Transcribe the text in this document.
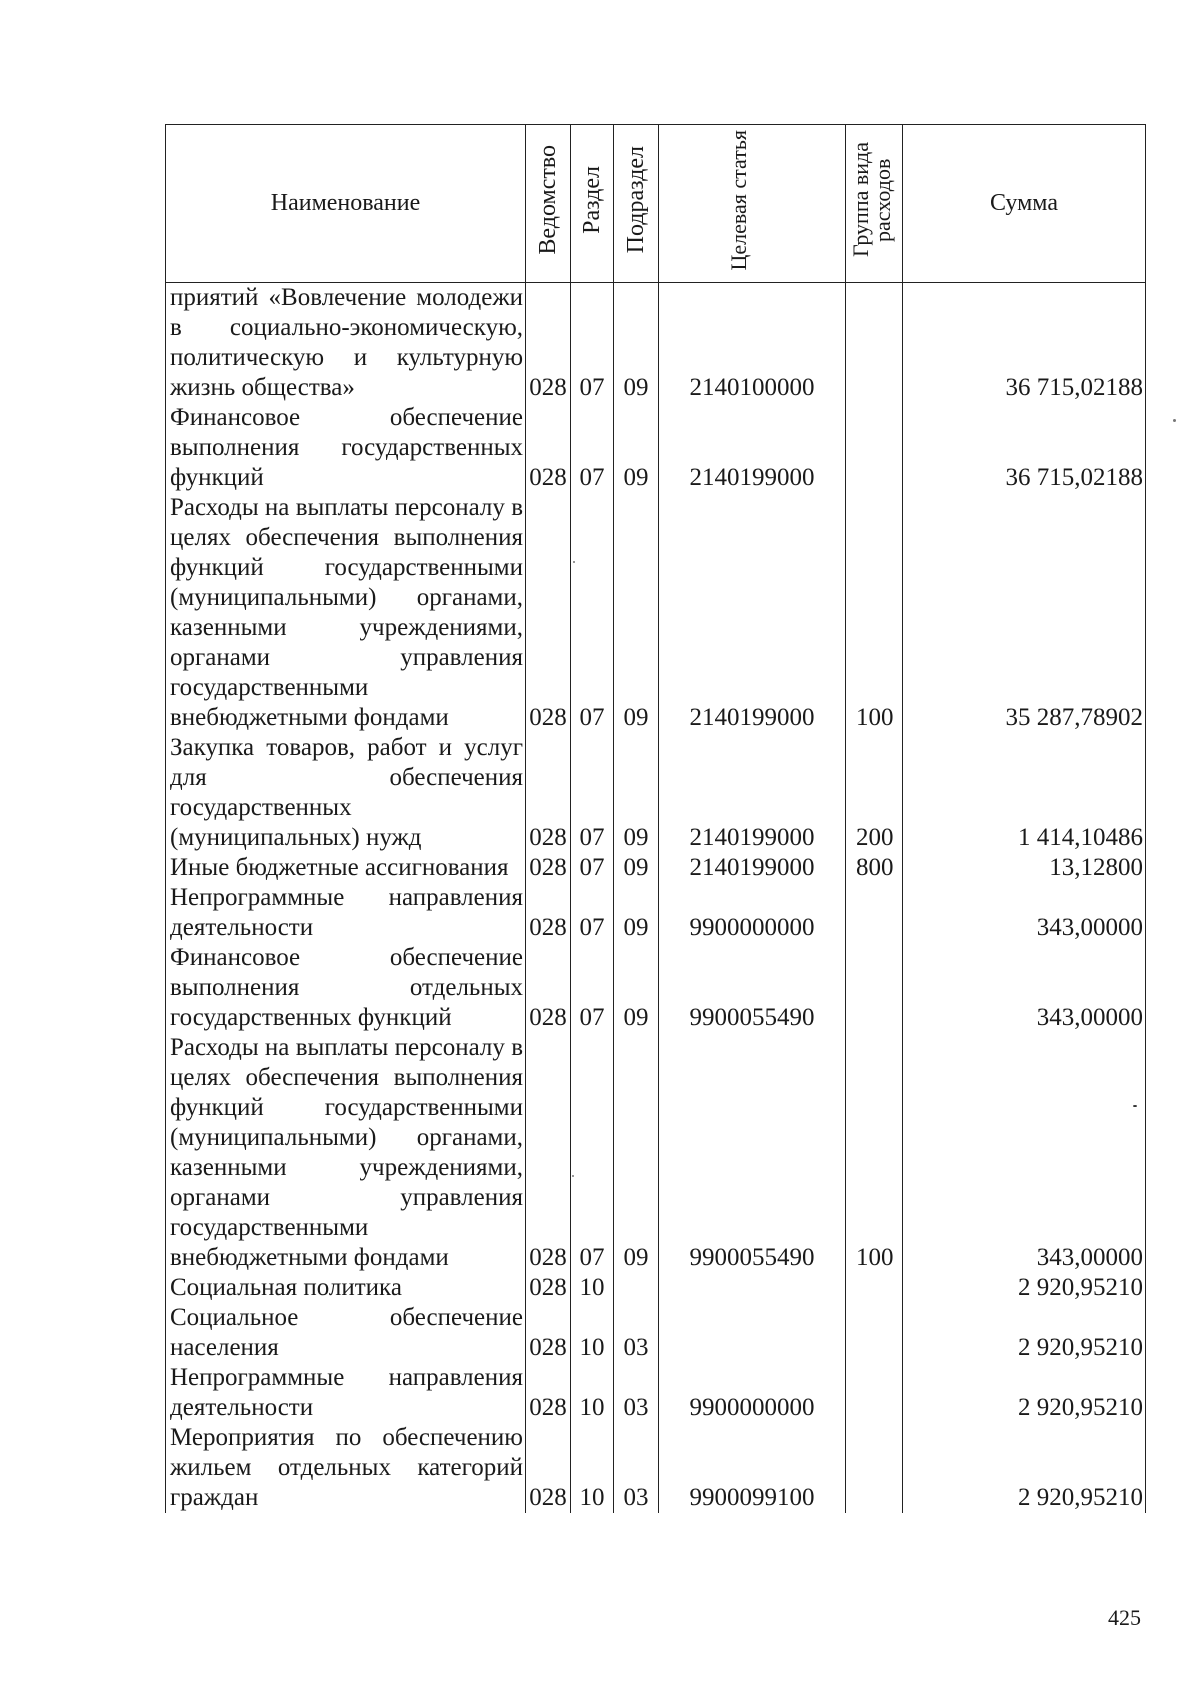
Наименование	Ведомство	Раздел	Подраздел	Целевая статья	Группа вида расходов	Сумма
приятий «Вовлечение молодежи в социально-экономическую, политическую и культурную жизнь общества»	028	07	09	2140100000		36 715,02188
Финансовое обеспечение выполнения государственных функций	028	07	09	2140199000		36 715,02188
Расходы на выплаты персоналу в целях обеспечения выполнения функций государственными (муниципальными) органами, казенными учреждениями, органами управления государственными внебюджетными фондами	028	07	09	2140199000	100	35 287,78902
Закупка товаров, работ и услуг для обеспечения государственных (муниципальных) нужд	028	07	09	2140199000	200	1 414,10486
Иные бюджетные ассигнования	028	07	09	2140199000	800	13,12800
Непрограммные направления деятельности	028	07	09	9900000000		343,00000
Финансовое обеспечение выполнения отдельных государственных функций	028	07	09	9900055490		343,00000
Расходы на выплаты персоналу в целях обеспечения выполнения функций государственными (муниципальными) органами, казенными учреждениями, органами управления государственными внебюджетными фондами	028	07	09	9900055490	100	343,00000
Социальная политика	028	10				2 920,95210
Социальное обеспечение населения	028	10	03			2 920,95210
Непрограммные направления деятельности	028	10	03	9900000000		2 920,95210
Мероприятия по обеспечению жильем отдельных категорий граждан	028	10	03	9900099100		2 920,95210
425
